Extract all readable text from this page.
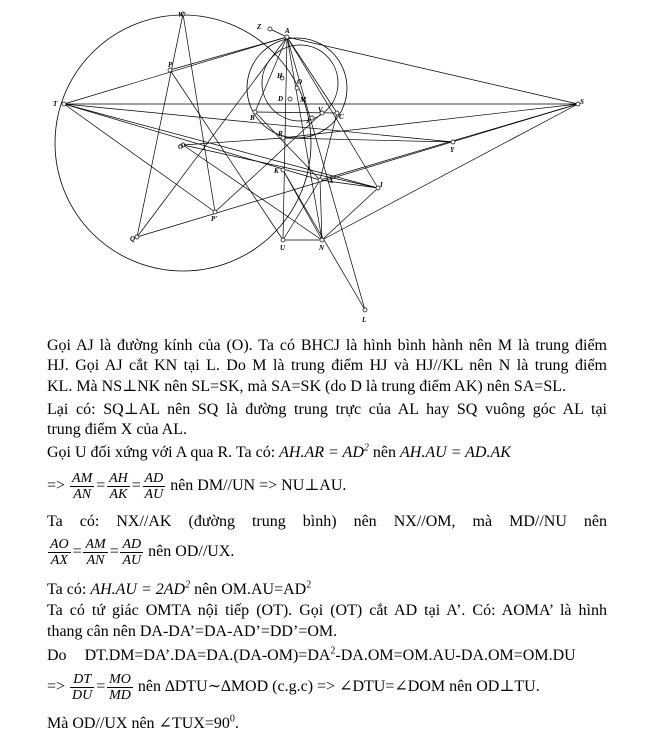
W
Z	A
P
H
O
T	S
D M
B
V
C
J
R
O'	Y
K
X	I
P'
Q
U	N
L
Gọi AJ là đường kính của (O). Ta có BHCJ là hình bình hành nên M là trung điểm
HJ. Gọi AJ cắt KN tại L. Do M là trung điểm HJ và HJ//KL nên N là trung điểm
KL. Mà NS⊥NK nên SL=SK, mà SA=SK (do D là trung điểm AK) nên SA=SL.
Lại có: SQ⊥AL nên SQ là đường trung trực của AL hay SQ vuông góc AL tại
trung điểm X của AL.
Gọi U đối xứng với A qua R. Ta có: $AH.AR = AD^2$ nên AH.AU = AD.AK
=> $\frac{AM}{AN} = \frac{AH}{AK} = \frac{AD}{AU}$ nên DM//UN => NU⊥AU.
Ta có: NX//AK (đường trung bình) nên NX//OM, mà MD//NU nên
$\frac{AO}{AX} = \frac{AM}{AN} = \frac{AD}{AU}$ nên OD//UX.
Ta có: $AH.AU = 2AD^2$ nên $OM.AU=AD^2$
Ta có tứ giác OMTA nội tiếp (OT). Gọi (OT) cắt AD tại A’. Có: AOMA’ là hình
thang cân nên DA-DA’=DA-AD’=DD’=OM.
Do $DT.DM=DA’.DA=DA.(DA-OM)=DA^2-DA.OM=OM.AU-DA.OM=OM.DU$
=> $\frac{DT}{DU} = \frac{MO}{MD}$ nên ∆DTU∼∆MOD (c.g.c) => ∠DTU=∠DOM nên OD⊥TU.
Mà OD//UX nên $\angle TUX=90^0$.
